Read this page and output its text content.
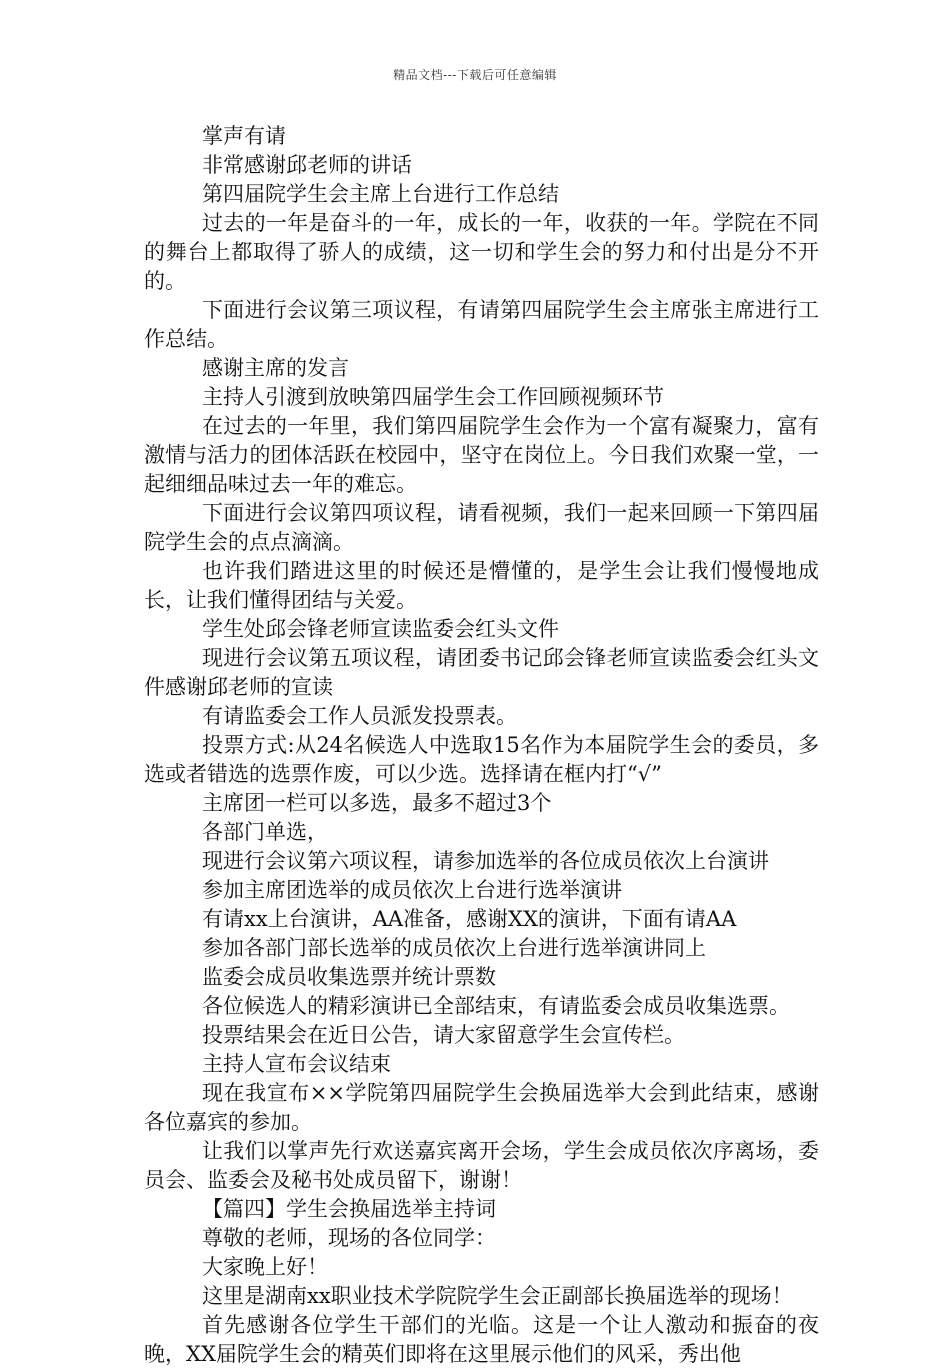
精品文档---下载后可任意编辑

掌声有请

非常感谢邱老师的讲话

第四届院学生会主席上台进行工作总结

过去的一年是奋斗的一年，成长的一年，收获的一年。学院在不同的舞台上都取得了骄人的成绩，这一切和学生会的努力和付出是分不开的。

下面进行会议第三项议程，有请第四届院学生会主席张主席进行工作总结。

感谢主席的发言

主持人引渡到放映第四届学生会工作回顾视频环节

在过去的一年里，我们第四届院学生会作为一个富有凝聚力，富有激情与活力的团体活跃在校园中，坚守在岗位上。今日我们欢聚一堂，一起细细品味过去一年的难忘。

下面进行会议第四项议程，请看视频，我们一起来回顾一下第四届院学生会的点点滴滴。

也许我们踏进这里的时候还是懵懂的，是学生会让我们慢慢地成长，让我们懂得团结与关爱。

学生处邱会锋老师宣读监委会红头文件

现进行会议第五项议程，请团委书记邱会锋老师宣读监委会红头文件感谢邱老师的宣读

有请监委会工作人员派发投票表。

投票方式:从24名候选人中选取15名作为本届院学生会的委员，多选或者错选的选票作废，可以少选。选择请在框内打“√”

主席团一栏可以多选，最多不超过3个

各部门单选，

现进行会议第六项议程，请参加选举的各位成员依次上台演讲

参加主席团选举的成员依次上台进行选举演讲

有请xx上台演讲，AA准备，感谢XX的演讲，下面有请AA

参加各部门部长选举的成员依次上台进行选举演讲同上

监委会成员收集选票并统计票数

各位候选人的精彩演讲已全部结束，有请监委会成员收集选票。

投票结果会在近日公告，请大家留意学生会宣传栏。

主持人宣布会议结束

现在我宣布××学院第四届院学生会换届选举大会到此结束，感谢各位嘉宾的参加。

让我们以掌声先行欢送嘉宾离开会场，学生会成员依次序离场，委员会、监委会及秘书处成员留下，谢谢！

【篇四】学生会换届选举主持词

尊敬的老师，现场的各位同学：

大家晚上好！

这里是湖南xx职业技术学院院学生会正副部长换届选举的现场！

首先感谢各位学生干部们的光临。这是一个让人激动和振奋的夜晚，XX届院学生会的精英们即将在这里展示他们的风采，秀出他
